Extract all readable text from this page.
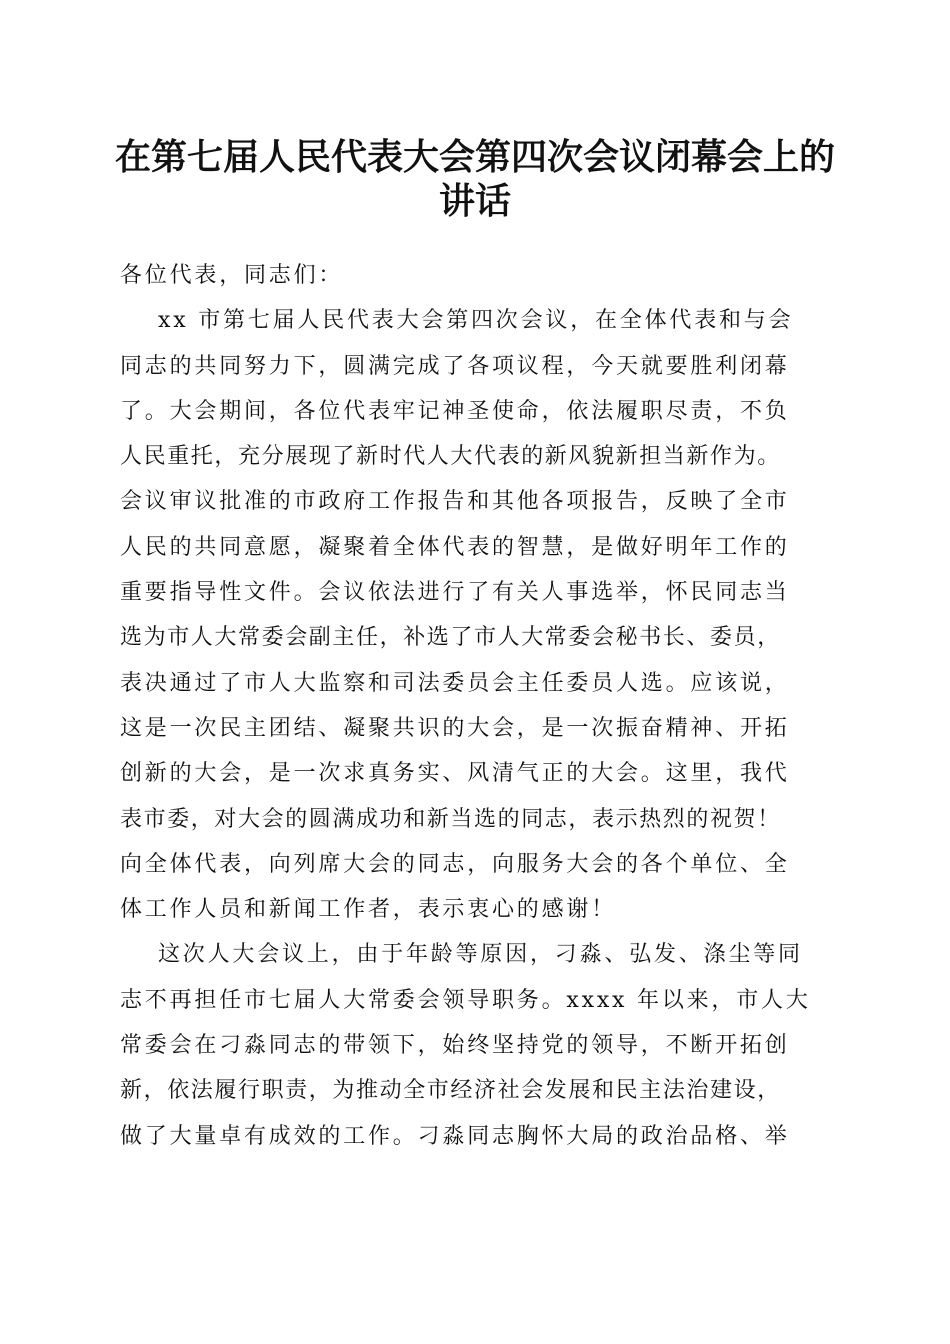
在第七届人民代表大会第四次会议闭幕会上的
讲话
各位代表，同志们：
xx 市第七届人民代表大会第四次会议，在全体代表和与会
同志的共同努力下，圆满完成了各项议程，今天就要胜利闭幕
了。大会期间，各位代表牢记神圣使命，依法履职尽责，不负
人民重托，充分展现了新时代人大代表的新风貌新担当新作为。
会议审议批准的市政府工作报告和其他各项报告，反映了全市
人民的共同意愿，凝聚着全体代表的智慧，是做好明年工作的
重要指导性文件。会议依法进行了有关人事选举，怀民同志当
选为市人大常委会副主任，补选了市人大常委会秘书长、委员，
表决通过了市人大监察和司法委员会主任委员人选。应该说，
这是一次民主团结、凝聚共识的大会，是一次振奋精神、开拓
创新的大会，是一次求真务实、风清气正的大会。这里，我代
表市委，对大会的圆满成功和新当选的同志，表示热烈的祝贺！
向全体代表，向列席大会的同志，向服务大会的各个单位、全
体工作人员和新闻工作者，表示衷心的感谢！
这次人大会议上，由于年龄等原因，刁淼、弘发、涤尘等同
志不再担任市七届人大常委会领导职务。xxxx 年以来，市人大
常委会在刁淼同志的带领下，始终坚持党的领导，不断开拓创
新，依法履行职责，为推动全市经济社会发展和民主法治建设，
做了大量卓有成效的工作。刁淼同志胸怀大局的政治品格、举
